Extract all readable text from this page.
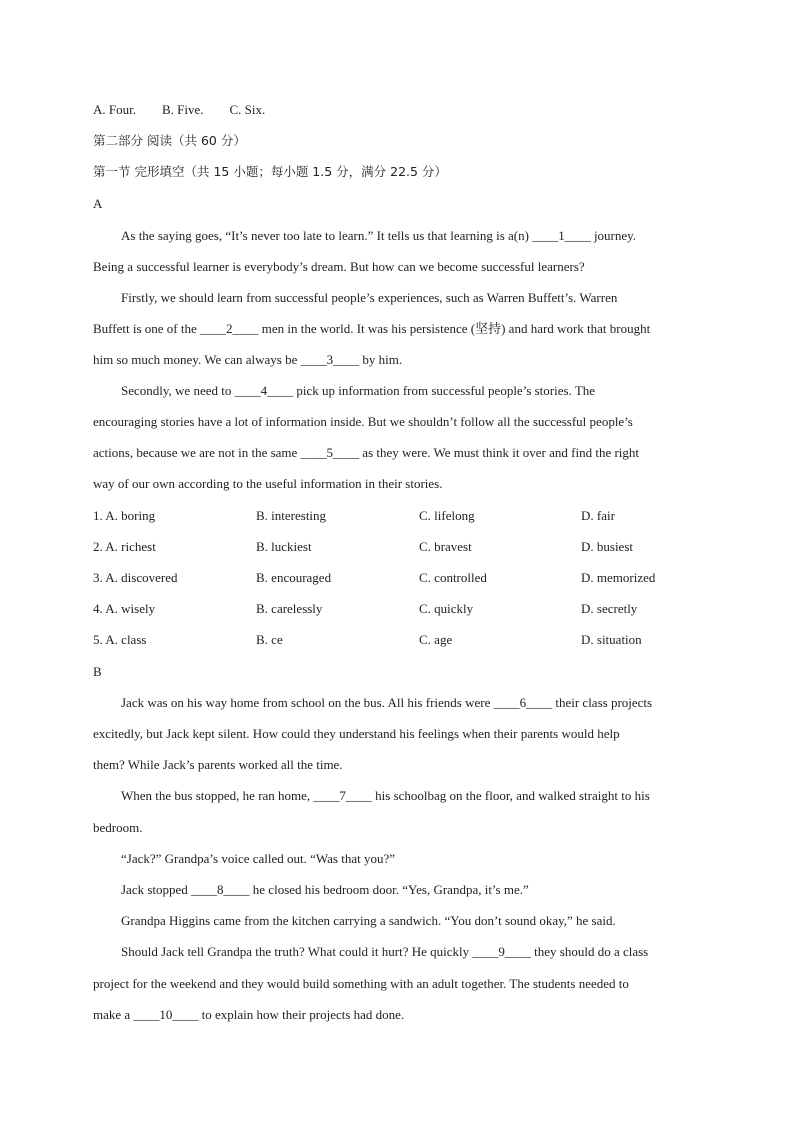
A. Four.        B. Five.        C. Six.
第二部分 阅读（共 60 分）
第一节 完形填空（共 15 小题；每小题 1.5 分，满分 22.5 分）
A
As the saying goes, “It’s never too late to learn.” It tells us that learning is a(n) ____1____ journey.
Being a successful learner is everybody’s dream. But how can we become successful learners?
Firstly, we should learn from successful people’s experiences, such as Warren Buffett’s. Warren
Buffett is one of the ____2____ men in the world. It was his persistence (坚持) and hard work that brought
him so much money. We can always be ____3____ by him.
Secondly, we need to ____4____ pick up information from successful people’s stories. The
encouraging stories have a lot of information inside. But we shouldn’t follow all the successful people’s
actions, because we are not in the same ____5____ as they were. We must think it over and find the right
way of our own according to the useful information in their stories.
1. A. boring	B. interesting	C. lifelong	D. fair
2. A. richest	B. luckiest	C. bravest	D. busiest
3. A. discovered	B. encouraged	C. controlled	D. memorized
4. A. wisely	B. carelessly	C. quickly	D. secretly
5. A. class	B. ce	C. age	D. situation
B
Jack was on his way home from school on the bus. All his friends were ____6____ their class projects
excitedly, but Jack kept silent. How could they understand his feelings when their parents would help
them? While Jack’s parents worked all the time.
When the bus stopped, he ran home, ____7____ his schoolbag on the floor, and walked straight to his
bedroom.
“Jack?” Grandpa’s voice called out. “Was that you?”
Jack stopped ____8____ he closed his bedroom door. “Yes, Grandpa, it’s me.”
Grandpa Higgins came from the kitchen carrying a sandwich. “You don’t sound okay,” he said.
Should Jack tell Grandpa the truth? What could it hurt? He quickly ____9____ they should do a class
project for the weekend and they would build something with an adult together. The students needed to
make a ____10____ to explain how their projects had done.
